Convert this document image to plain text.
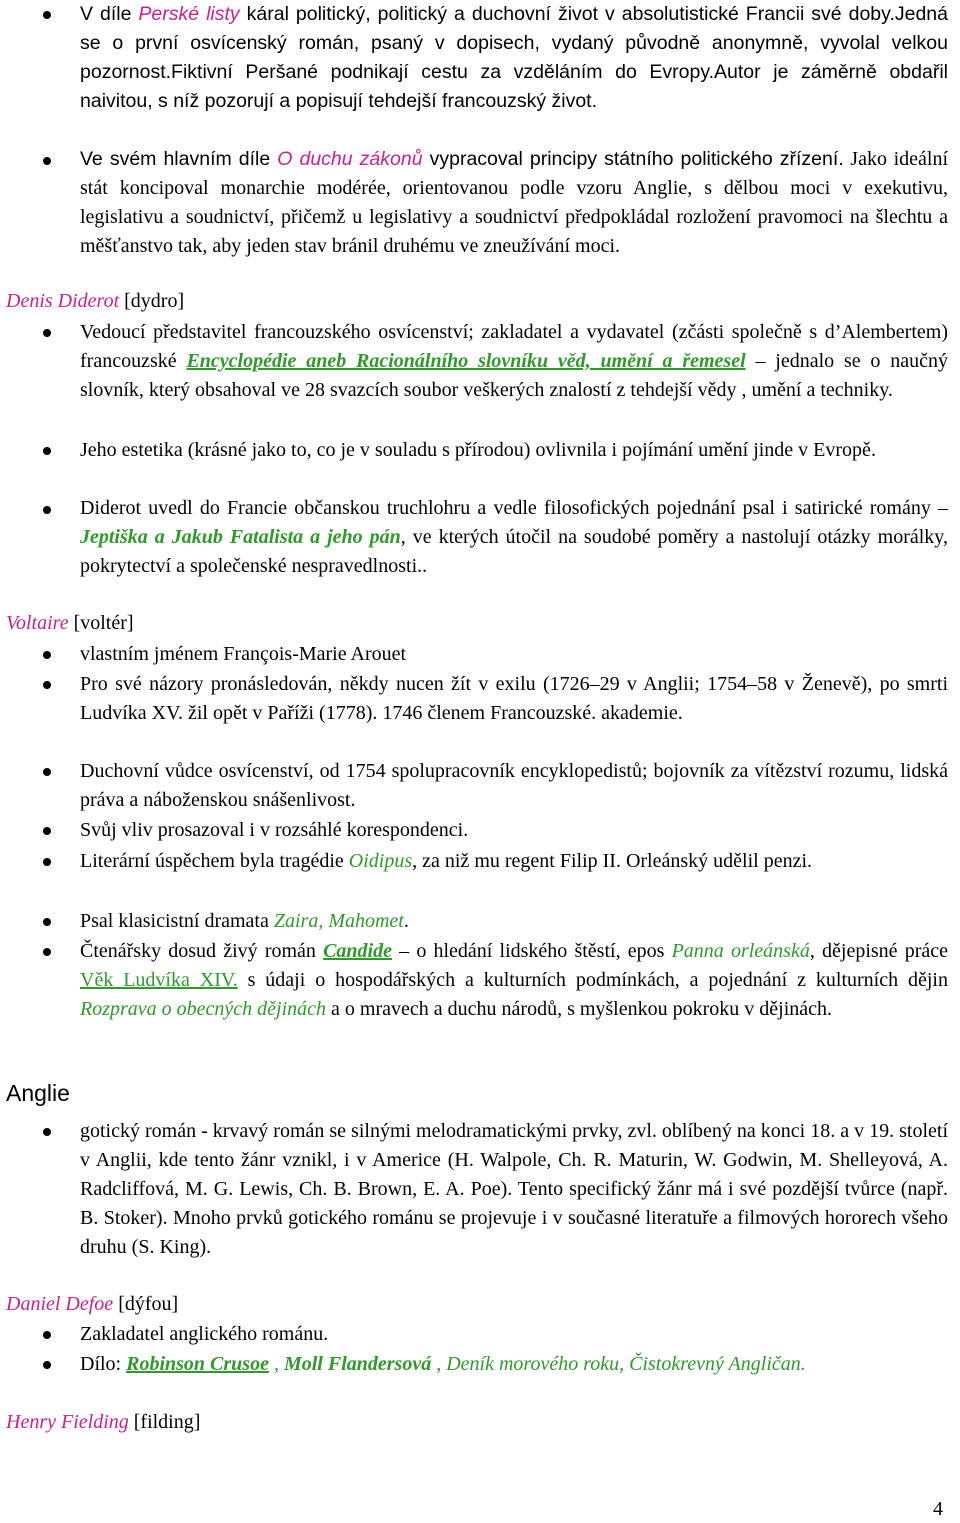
V díle Perské listy káral politický, politický a duchovní život v absolutistické Francii své doby.Jedná se o první osvícenský román, psaný v dopisech, vydaný původně anonymně, vyvolal velkou pozornost.Fiktivní Peršané podnikají cestu za vzděláním do Evropy.Autor je záměrně obdařil naivitou, s níž pozorují a popisují tehdejší francouzský život.
Ve svém hlavním díle O duchu zákonů vypracoval principy státního politického zřízení. Jako ideální stát koncipoval monarchie modérée, orientovanou podle vzoru Anglie, s dělbou moci v exekutivu, legislativu a soudnictví, přičemž u legislativy a soudnictví předpokládal rozložení pravomoci na šlechtu a měšťanstvo tak, aby jeden stav bránil druhému ve zneužívání moci.
Denis Diderot [dydro]
Vedoucí představitel francouzského osvícenství; zakladatel a vydavatel (zčásti společně s d’Alembertem) francouzské Encyclopédie aneb Racionálního slovníku věd, umění a řemesel – jednalo se o naučný slovník, který obsahoval ve 28 svazcích soubor veškerých znalostí z tehdejší vědy , umění a techniky.
Jeho estetika (krásné jako to, co je v souladu s přírodou) ovlivnila i pojímání umění jinde v Evropě.
Diderot uvedl do Francie občanskou truchlohru a vedle filosofických pojednání psal i satirické romány – Jeptiška a Jakub Fatalista a jeho pán, ve kterých útočil na soudobé poměry a nastolují otázky morálky, pokrytectví a společenské nespravedlnosti..
Voltaire [voltér]
vlastním jménem François-Marie Arouet
Pro své názory pronásledován, někdy nucen žít v exilu (1726–29 v Anglii; 1754–58 v Ženevě), po smrti Ludvíka XV. žil opět v Paříži (1778). 1746 členem Francouzské. akademie.
Duchovní vůdce osvícenství, od 1754 spolupracovník encyklopedistů; bojovník za vítězství rozumu, lidská práva a náboženskou snášenlivost.
Svůj vliv prosazoval i v rozsáhlé korespondenci.
Literární úspěchem byla tragédie Oidipus, za niž mu regent Filip II. Orleánský udělil penzi.
Psal klasicistní dramata Zaira, Mahomet.
Čtenářsky dosud živý román Candide – o hledání lidského štěstí, epos Panna orleánská, dějepisné práce Věk Ludvíka XIV. s údaji o hospodářských a kulturních podmínkách, a pojednání z kulturních dějin Rozprava o obecných dějinách a o mravech a duchu národů, s myšlenkou pokroku v dějinách.
Anglie
gotický román - krvavý román se silnými melodramatickými prvky, zvl. oblíbený na konci 18. a v 19. století v Anglii, kde tento žánr vznikl, i v Americe (H. Walpole, Ch. R. Maturin, W. Godwin, M. Shelleyová, A. Radcliffová, M. G. Lewis, Ch. B. Brown, E. A. Poe). Tento specifický žánr má i své pozdější tvůrce (např. B. Stoker). Mnoho prvků gotického románu se projevuje i v současné literatuře a filmových hororech všeho druhu (S. King).
Daniel Defoe [dýfou]
Zakladatel anglického románu.
Dílo: Robinson Crusoe , Moll Flandersová , Deník morového roku, Čistokrevný Angličan.
Henry Fielding [filding]
4
